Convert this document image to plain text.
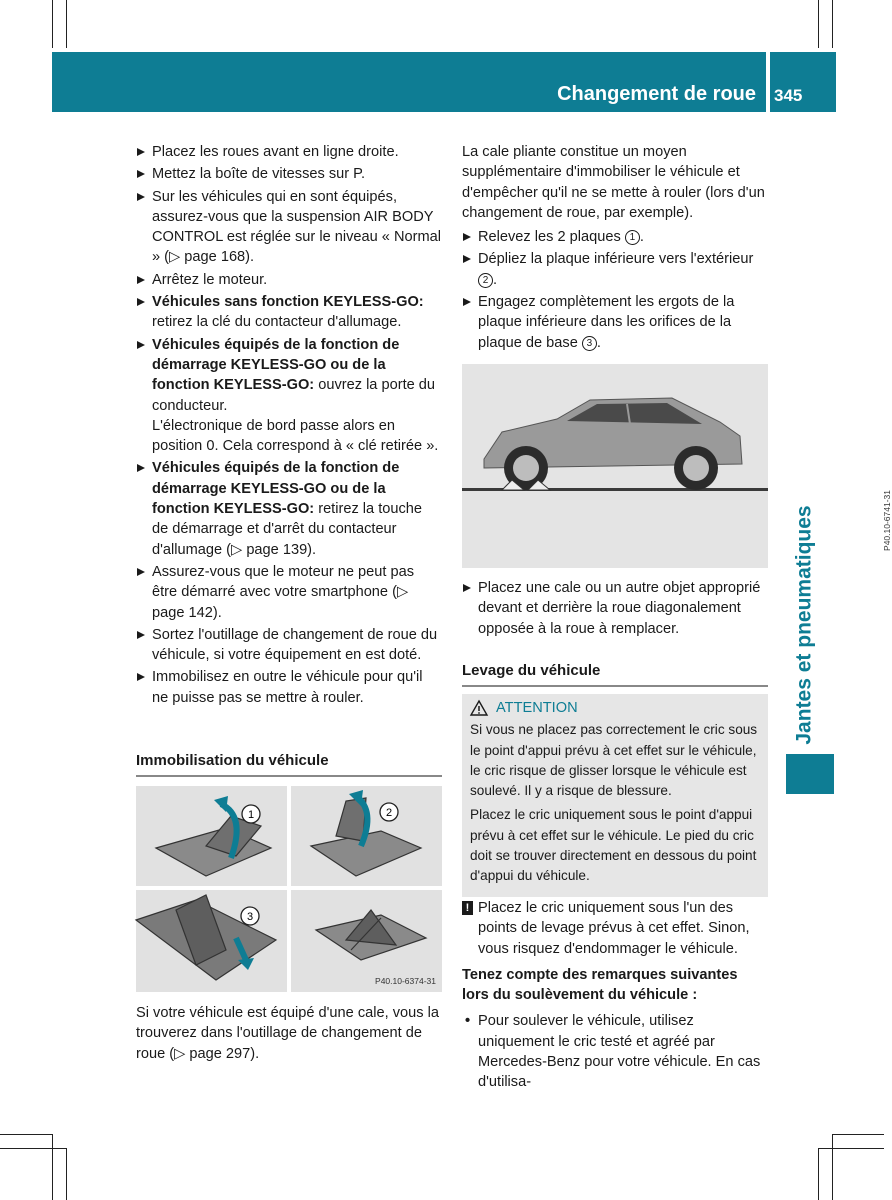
Changement de roue 345
Jantes et pneumatiques
Placez les roues avant en ligne droite.
Mettez la boîte de vitesses sur P.
Sur les véhicules qui en sont équipés, assurez-vous que la suspension AIR BODY CONTROL est réglée sur le niveau « Normal » (▷ page 168).
Arrêtez le moteur.
Véhicules sans fonction KEYLESS-GO: retirez la clé du contacteur d'allumage.
Véhicules équipés de la fonction de démarrage KEYLESS-GO ou de la fonction KEYLESS-GO: ouvrez la porte du conducteur.
L'électronique de bord passe alors en position 0. Cela correspond à « clé retirée ».
Véhicules équipés de la fonction de démarrage KEYLESS-GO ou de la fonction KEYLESS-GO: retirez la touche de démarrage et d'arrêt du contacteur d'allumage (▷ page 139).
Assurez-vous que le moteur ne peut pas être démarré avec votre smartphone (▷ page 142).
Sortez l'outillage de changement de roue du véhicule, si votre équipement en est doté.
Immobilisez en outre le véhicule pour qu'il ne puisse pas se mettre à rouler.

Immobilisation du véhicule

1	2
3
P40.10-6374-31

Si votre véhicule est équipé d'une cale, vous la trouverez dans l'outillage de changement de roue (▷ page 297).

La cale pliante constitue un moyen supplémentaire d'immobiliser le véhicule et d'empêcher qu'il ne se mette à rouler (lors d'un changement de roue, par exemple).

Relevez les 2 plaques 1 .
Dépliez la plaque inférieure vers l'extérieur 2 .
Engagez complètement les ergots de la plaque inférieure dans les orifices de la plaque de base 3 .
P40.10-6741-31
Placez une cale ou un autre objet approprié devant et derrière la roue diagonalement opposée à la roue à remplacer.

Levage du véhicule

ATTENTION

Si vous ne placez pas correctement le cric sous le point d'appui prévu à cet effet sur le véhicule, le cric risque de glisser lorsque le véhicule est soulevé. Il y a risque de blessure.

Placez le cric uniquement sous le point d'appui prévu à cet effet sur le véhicule. Le pied du cric doit se trouver directement en dessous du point d'appui du véhicule.

! Placez le cric uniquement sous l'un des points de levage prévus à cet effet. Sinon, vous risquez d'endommager le véhicule.

Tenez compte des remarques suivantes lors du soulèvement du véhicule :

• Pour soulever le véhicule, utilisez uniquement le cric testé et agréé par Mercedes-Benz pour votre véhicule. En cas d'utilisa-
